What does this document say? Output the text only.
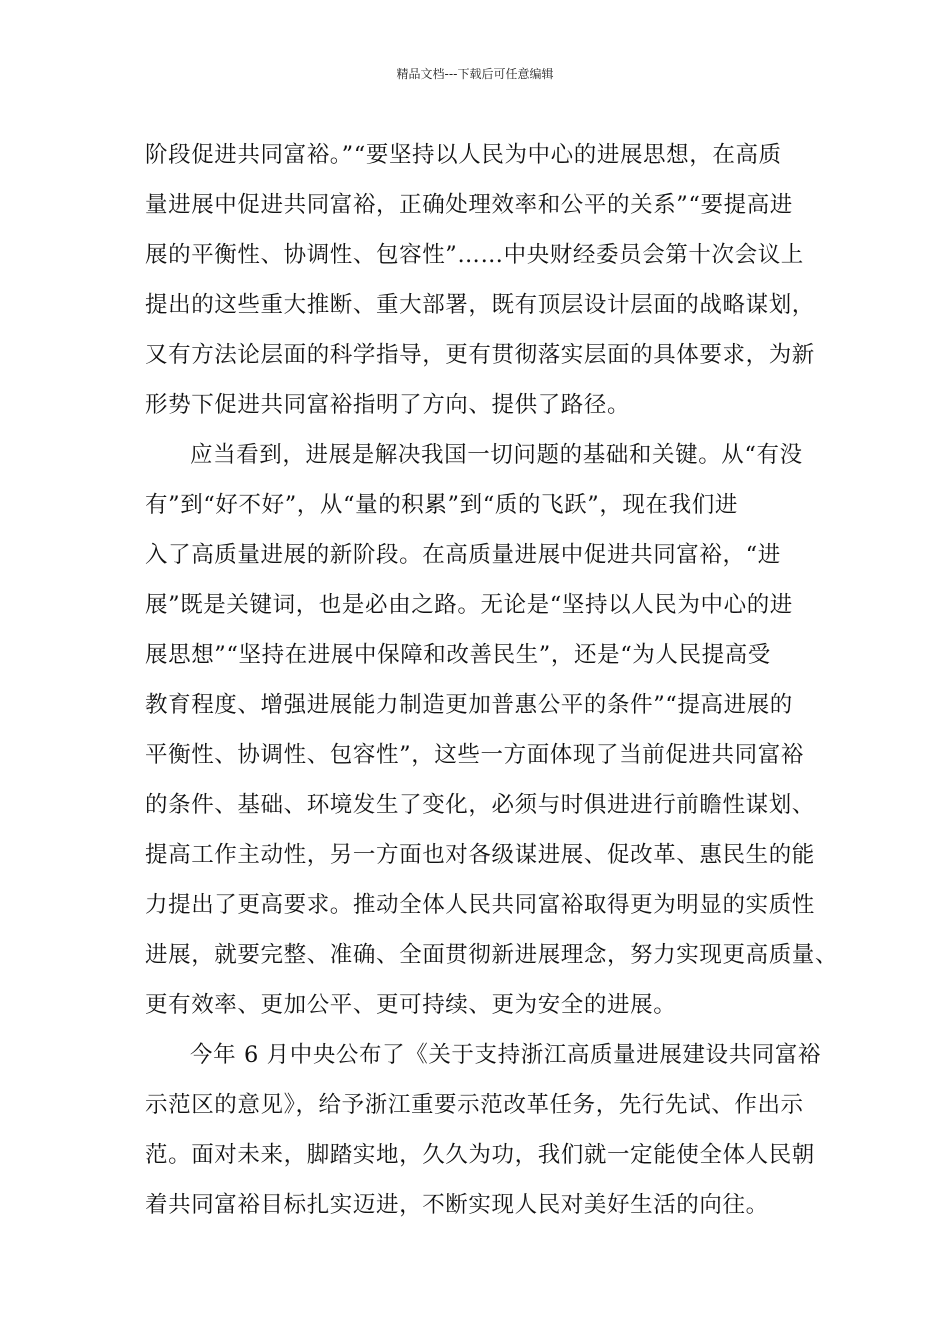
精品文档---下载后可任意编辑
阶段促进共同富裕。”“要坚持以人民为中心的进展思想，在高质
量进展中促进共同富裕，正确处理效率和公平的关系”“要提高进
展的平衡性、协调性、包容性”……中央财经委员会第十次会议上
提出的这些重大推断、重大部署，既有顶层设计层面的战略谋划，
又有方法论层面的科学指导，更有贯彻落实层面的具体要求，为新
形势下促进共同富裕指明了方向、提供了路径。
应当看到，进展是解决我国一切问题的基础和关键。从“有没
有”到“好不好”，从“量的积累”到“质的飞跃”，现在我们进
入了高质量进展的新阶段。在高质量进展中促进共同富裕，“进
展”既是关键词，也是必由之路。无论是“坚持以人民为中心的进
展思想”“坚持在进展中保障和改善民生”，还是“为人民提高受
教育程度、增强进展能力制造更加普惠公平的条件”“提高进展的
平衡性、协调性、包容性”，这些一方面体现了当前促进共同富裕
的条件、基础、环境发生了变化，必须与时俱进进行前瞻性谋划、
提高工作主动性，另一方面也对各级谋进展、促改革、惠民生的能
力提出了更高要求。推动全体人民共同富裕取得更为明显的实质性
进展，就要完整、准确、全面贯彻新进展理念，努力实现更高质量、
更有效率、更加公平、更可持续、更为安全的进展。
今年 6 月中央公布了《关于支持浙江高质量进展建设共同富裕
示范区的意见》，给予浙江重要示范改革任务，先行先试、作出示
范。面对未来，脚踏实地，久久为功，我们就一定能使全体人民朝
着共同富裕目标扎实迈进，不断实现人民对美好生活的向往。
